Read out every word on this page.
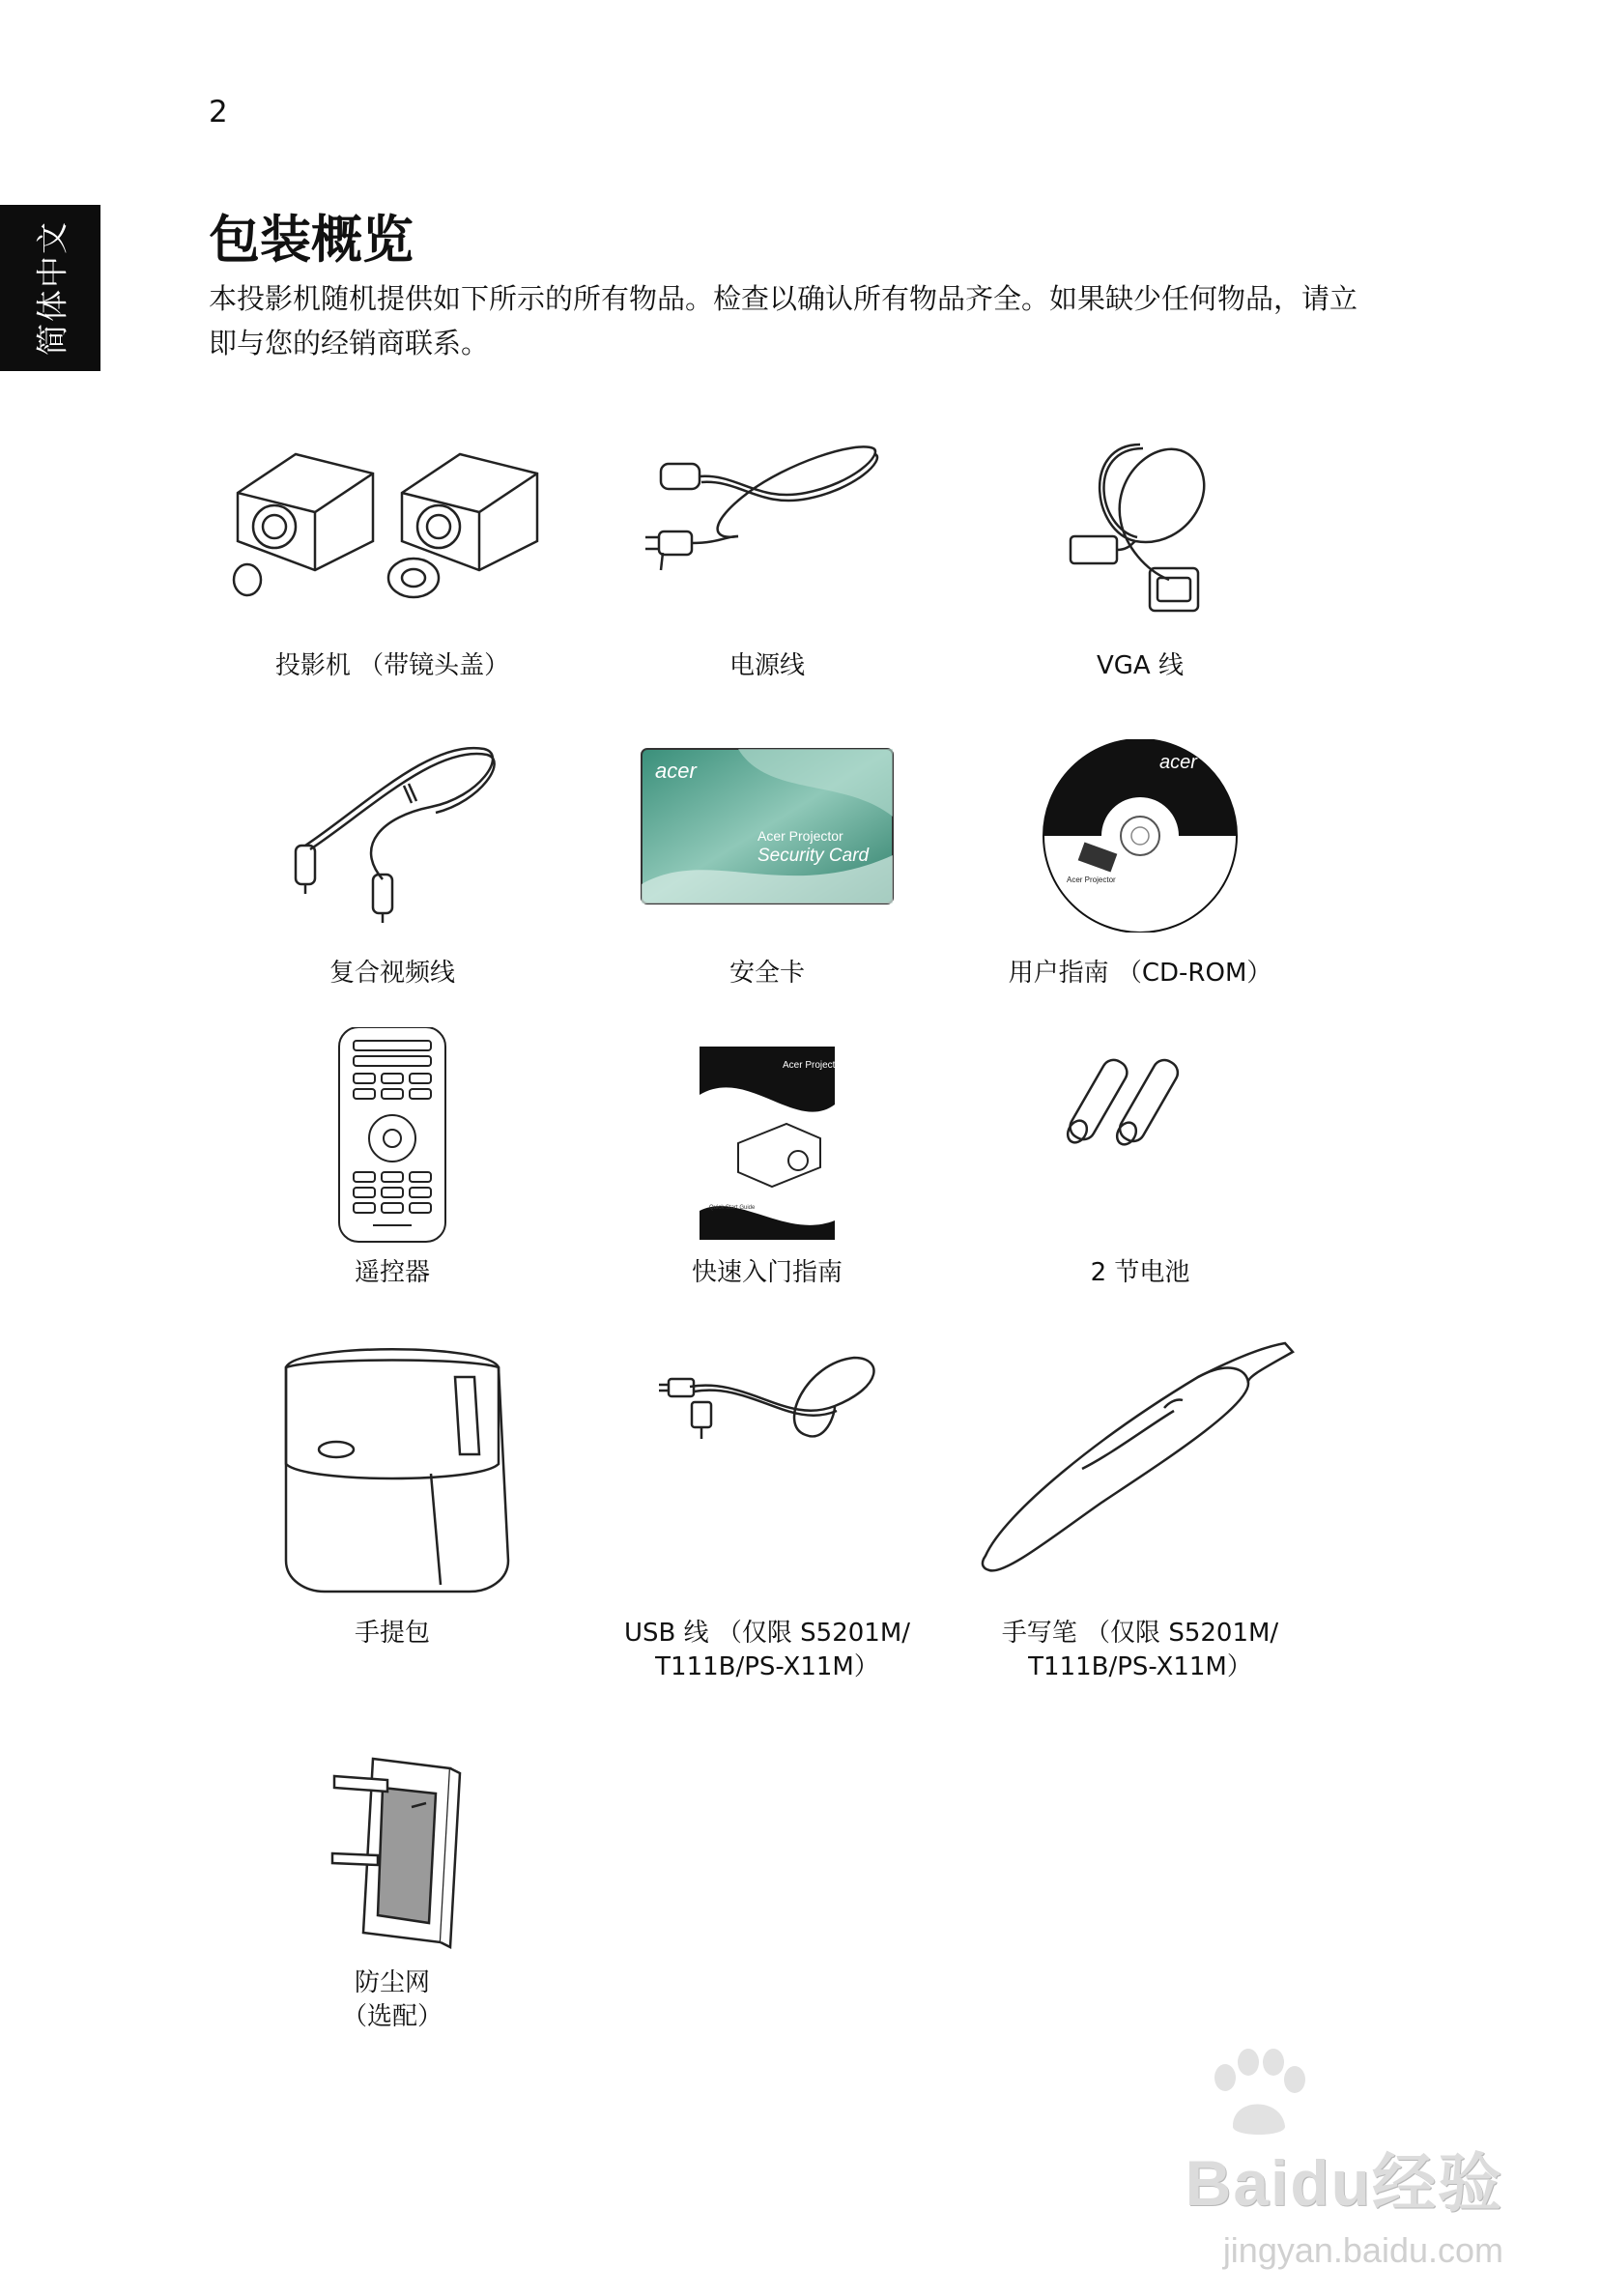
2
简体中文	包装概览

本投影机随机提供如下所示的所有物品。检查以确认所有物品齐全。如果缺少任何物品，请立即与您的经销商联系。

投影机 （带镜头盖）	电源线	VGA 线
复合视频线
acer
Acer Projector
Security Card
安全卡
acer
Acer Projector
用户指南 （CD-ROM）
遥控器
Acer Projector
Quick Start Guide
快速入门指南	2 节电池
手提包	USB 线 （仅限 S5201M/
T111B/PS-X11M）
手写笔 （仅限 S5201M/
T111B/PS-X11M）
防尘网
（选配）
Baidu经验
jingyan.baidu.com
